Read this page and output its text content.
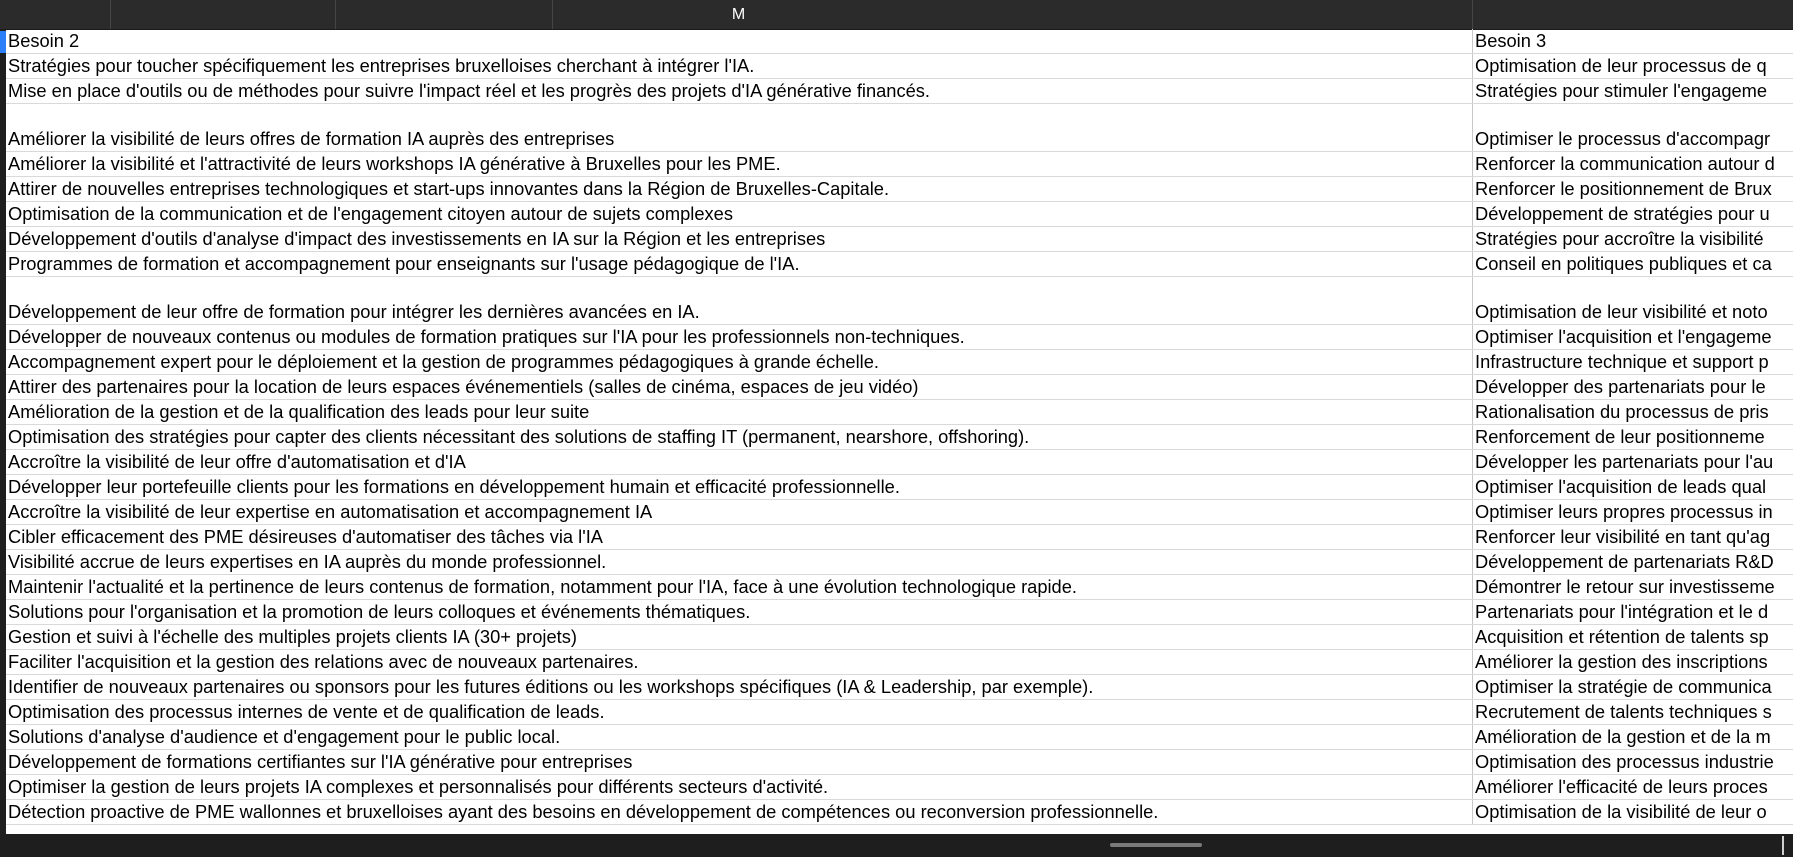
M
Besoin 2	Besoin 3
Stratégies pour toucher spécifiquement les entreprises bruxelloises cherchant à intégrer l'IA.	Optimisation de leur processus de q
Mise en place d'outils ou de méthodes pour suivre l'impact réel et les progrès des projets d'IA générative financés.	Stratégies pour stimuler l'engageme
Améliorer la visibilité de leurs offres de formation IA auprès des entreprises	Optimiser le processus d'accompagr
Améliorer la visibilité et l'attractivité de leurs workshops IA générative à Bruxelles pour les PME.	Renforcer la communication autour d
Attirer de nouvelles entreprises technologiques et start-ups innovantes dans la Région de Bruxelles-Capitale.	Renforcer le positionnement de Brux
Optimisation de la communication et de l'engagement citoyen autour de sujets complexes	Développement de stratégies pour u
Développement d'outils d'analyse d'impact des investissements en IA sur la Région et les entreprises	Stratégies pour accroître la visibilité
Programmes de formation et accompagnement pour enseignants sur l'usage pédagogique de l'IA.	Conseil en politiques publiques et ca
Développement de leur offre de formation pour intégrer les dernières avancées en IA.	Optimisation de leur visibilité et noto
Développer de nouveaux contenus ou modules de formation pratiques sur l'IA pour les professionnels non-techniques.	Optimiser l'acquisition et l'engageme
Accompagnement expert pour le déploiement et la gestion de programmes pédagogiques à grande échelle.	Infrastructure technique et support p
Attirer des partenaires pour la location de leurs espaces événementiels (salles de cinéma, espaces de jeu vidéo)	Développer des partenariats pour le
Amélioration de la gestion et de la qualification des leads pour leur suite	Rationalisation du processus de pris
Optimisation des stratégies pour capter des clients nécessitant des solutions de staffing IT (permanent, nearshore, offshoring).	Renforcement de leur positionneme
Accroître la visibilité de leur offre d'automatisation et d'IA	Développer les partenariats pour l'au
Développer leur portefeuille clients pour les formations en développement humain et efficacité professionnelle.	Optimiser l'acquisition de leads qual
Accroître la visibilité de leur expertise en automatisation et accompagnement IA	Optimiser leurs propres processus in
Cibler efficacement des PME désireuses d'automatiser des tâches via l'IA	Renforcer leur visibilité en tant qu'ag
Visibilité accrue de leurs expertises en IA auprès du monde professionnel.	Développement de partenariats R&D
Maintenir l'actualité et la pertinence de leurs contenus de formation, notamment pour l'IA, face à une évolution technologique rapide.	Démontrer le retour sur investisseme
Solutions pour l'organisation et la promotion de leurs colloques et événements thématiques.	Partenariats pour l'intégration et le d
Gestion et suivi à l'échelle des multiples projets clients IA (30+ projets)	Acquisition et rétention de talents sp
Faciliter l'acquisition et la gestion des relations avec de nouveaux partenaires.	Améliorer la gestion des inscriptions
Identifier de nouveaux partenaires ou sponsors pour les futures éditions ou les workshops spécifiques (IA & Leadership, par exemple).	Optimiser la stratégie de communica
Optimisation des processus internes de vente et de qualification de leads.	Recrutement de talents techniques s
Solutions d'analyse d'audience et d'engagement pour le public local.	Amélioration de la gestion et de la m
Développement de formations certifiantes sur l'IA générative pour entreprises	Optimisation des processus industrie
Optimiser la gestion de leurs projets IA complexes et personnalisés pour différents secteurs d'activité.	Améliorer l'efficacité de leurs proces
Détection proactive de PME wallonnes et bruxelloises ayant des besoins en développement de compétences ou reconversion professionnelle.	Optimisation de la visibilité de leur o
